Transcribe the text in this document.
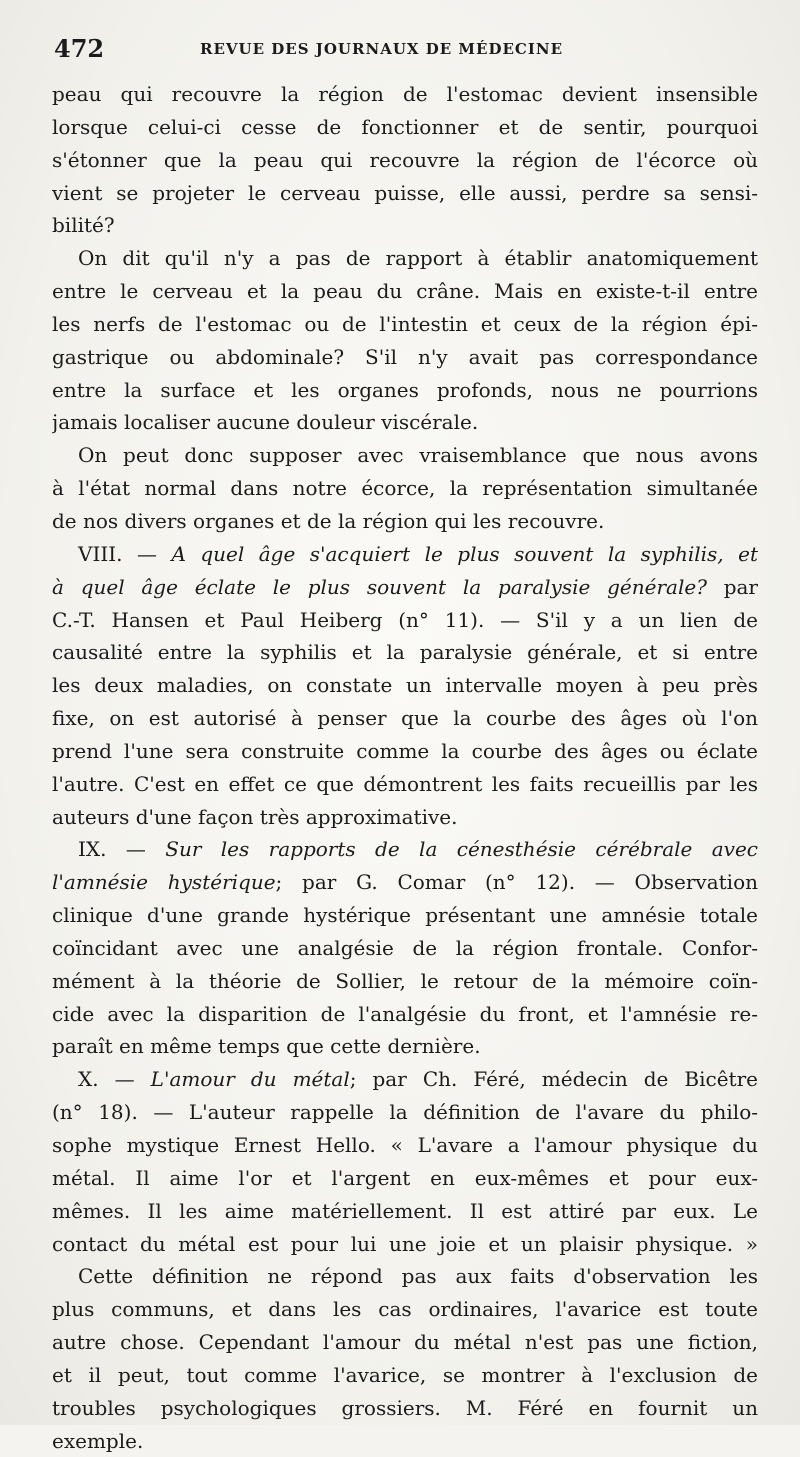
472	REVUE DES JOURNAUX DE MÉDECINE
peau qui recouvre la région de l'estomac devient insensible
lorsque celui-ci cesse de fonctionner et de sentir, pourquoi
s'étonner que la peau qui recouvre la région de l'écorce où
vient se projeter le cerveau puisse, elle aussi, perdre sa sensi-
bilité?
On dit qu'il n'y a pas de rapport à établir anatomiquement
entre le cerveau et la peau du crâne. Mais en existe-t-il entre
les nerfs de l'estomac ou de l'intestin et ceux de la région épi-
gastrique ou abdominale? S'il n'y avait pas correspondance
entre la surface et les organes profonds, nous ne pourrions
jamais localiser aucune douleur viscérale.
On peut donc supposer avec vraisemblance que nous avons
à l'état normal dans notre écorce, la représentation simultanée
de nos divers organes et de la région qui les recouvre.
VIII. — A quel âge s'acquiert le plus souvent la syphilis, et
à quel âge éclate le plus souvent la paralysie générale? par
C.-T. Hansen et Paul Heiberg (n° 11). — S'il y a un lien de
causalité entre la syphilis et la paralysie générale, et si entre
les deux maladies, on constate un intervalle moyen à peu près
fixe, on est autorisé à penser que la courbe des âges où l'on
prend l'une sera construite comme la courbe des âges ou éclate
l'autre. C'est en effet ce que démontrent les faits recueillis par les
auteurs d'une façon très approximative.
IX. — Sur les rapports de la cénesthésie cérébrale avec
l'amnésie hystérique; par G. Comar (n° 12). — Observation
clinique d'une grande hystérique présentant une amnésie totale
coïncidant avec une analgésie de la région frontale. Confor-
mément à la théorie de Sollier, le retour de la mémoire coïn-
cide avec la disparition de l'analgésie du front, et l'amnésie re-
paraît en même temps que cette dernière.
X. — L'amour du métal; par Ch. Féré, médecin de Bicêtre
(n° 18). — L'auteur rappelle la définition de l'avare du philo-
sophe mystique Ernest Hello. « L'avare a l'amour physique du
métal. Il aime l'or et l'argent en eux-mêmes et pour eux-
mêmes. Il les aime matériellement. Il est attiré par eux. Le
contact du métal est pour lui une joie et un plaisir physique. »
Cette définition ne répond pas aux faits d'observation les
plus communs, et dans les cas ordinaires, l'avarice est toute
autre chose. Cependant l'amour du métal n'est pas une fiction,
et il peut, tout comme l'avarice, se montrer à l'exclusion de
troubles psychologiques grossiers. M. Féré en fournit un
exemple.
